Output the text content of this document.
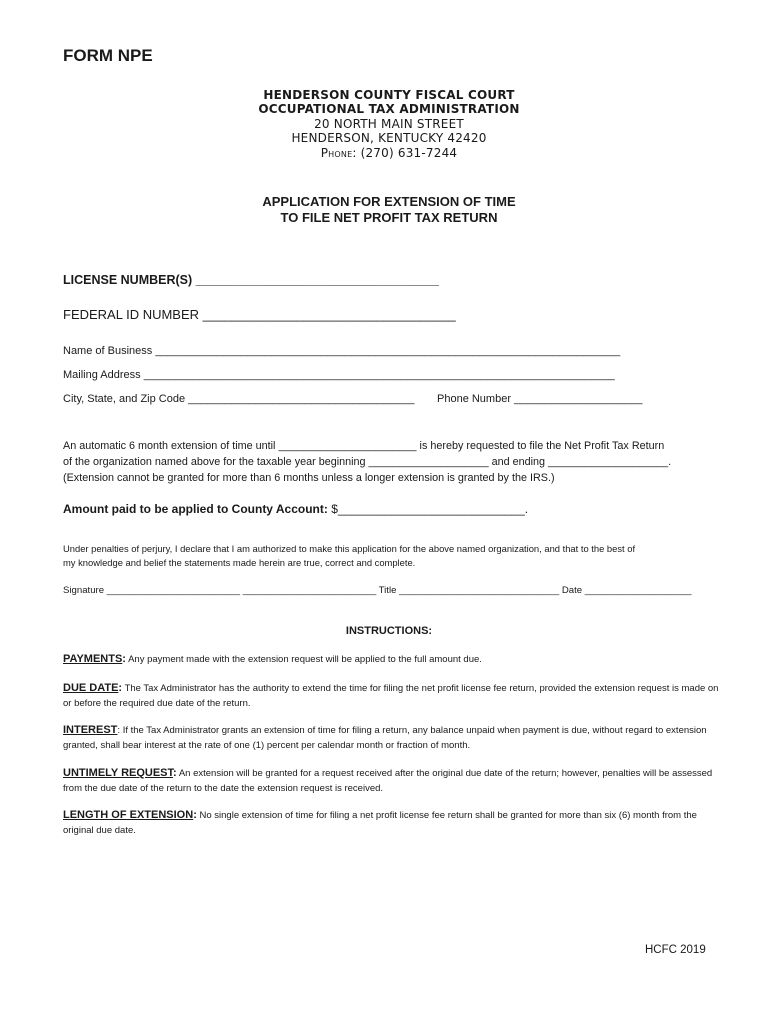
FORM NPE
HENDERSON COUNTY FISCAL COURT
OCCUPATIONAL TAX ADMINISTRATION
20 NORTH MAIN STREET
HENDERSON, KENTUCKY 42420
Phone: (270) 631-7244
APPLICATION FOR EXTENSION OF TIME
TO FILE NET PROFIT TAX RETURN
LICENSE NUMBER(S) ___________________________________
FEDERAL ID NUMBER ___________________________________
Name of Business ____________________________________________________________________________
Mailing Address _____________________________________________________________________________
City, State, and Zip Code _____________________________________ Phone Number _____________________
An automatic 6 month extension of time until _______________________ is hereby requested to file the Net Profit Tax Return
of the organization named above for the taxable year beginning ____________________ and ending ____________________.
(Extension cannot be granted for more than 6 months unless a longer extension is granted by the IRS.)
Amount paid to be applied to County Account: $____________________________.
Under penalties of perjury, I declare that I am authorized to make this application for the above named organization, and that to the best of
my knowledge and belief the statements made herein are true, correct and complete.
Signature _________________________ _________________________ Title ______________________________ Date ____________________
INSTRUCTIONS:
PAYMENTS: Any payment made with the extension request will be applied to the full amount due.
DUE DATE: The Tax Administrator has the authority to extend the time for filing the net profit license fee return, provided the extension request is made on or before the required due date of the return.
INTEREST: If the Tax Administrator grants an extension of time for filing a return, any balance unpaid when payment is due, without regard to extension granted, shall bear interest at the rate of one (1) percent per calendar month or fraction of month.
UNTIMELY REQUEST: An extension will be granted for a request received after the original due date of the return; however, penalties will be assessed from the due date of the return to the date the extension request is received.
LENGTH OF EXTENSION: No single extension of time for filing a net profit license fee return shall be granted for more than six (6) month from the original due date.
HCFC 2019
